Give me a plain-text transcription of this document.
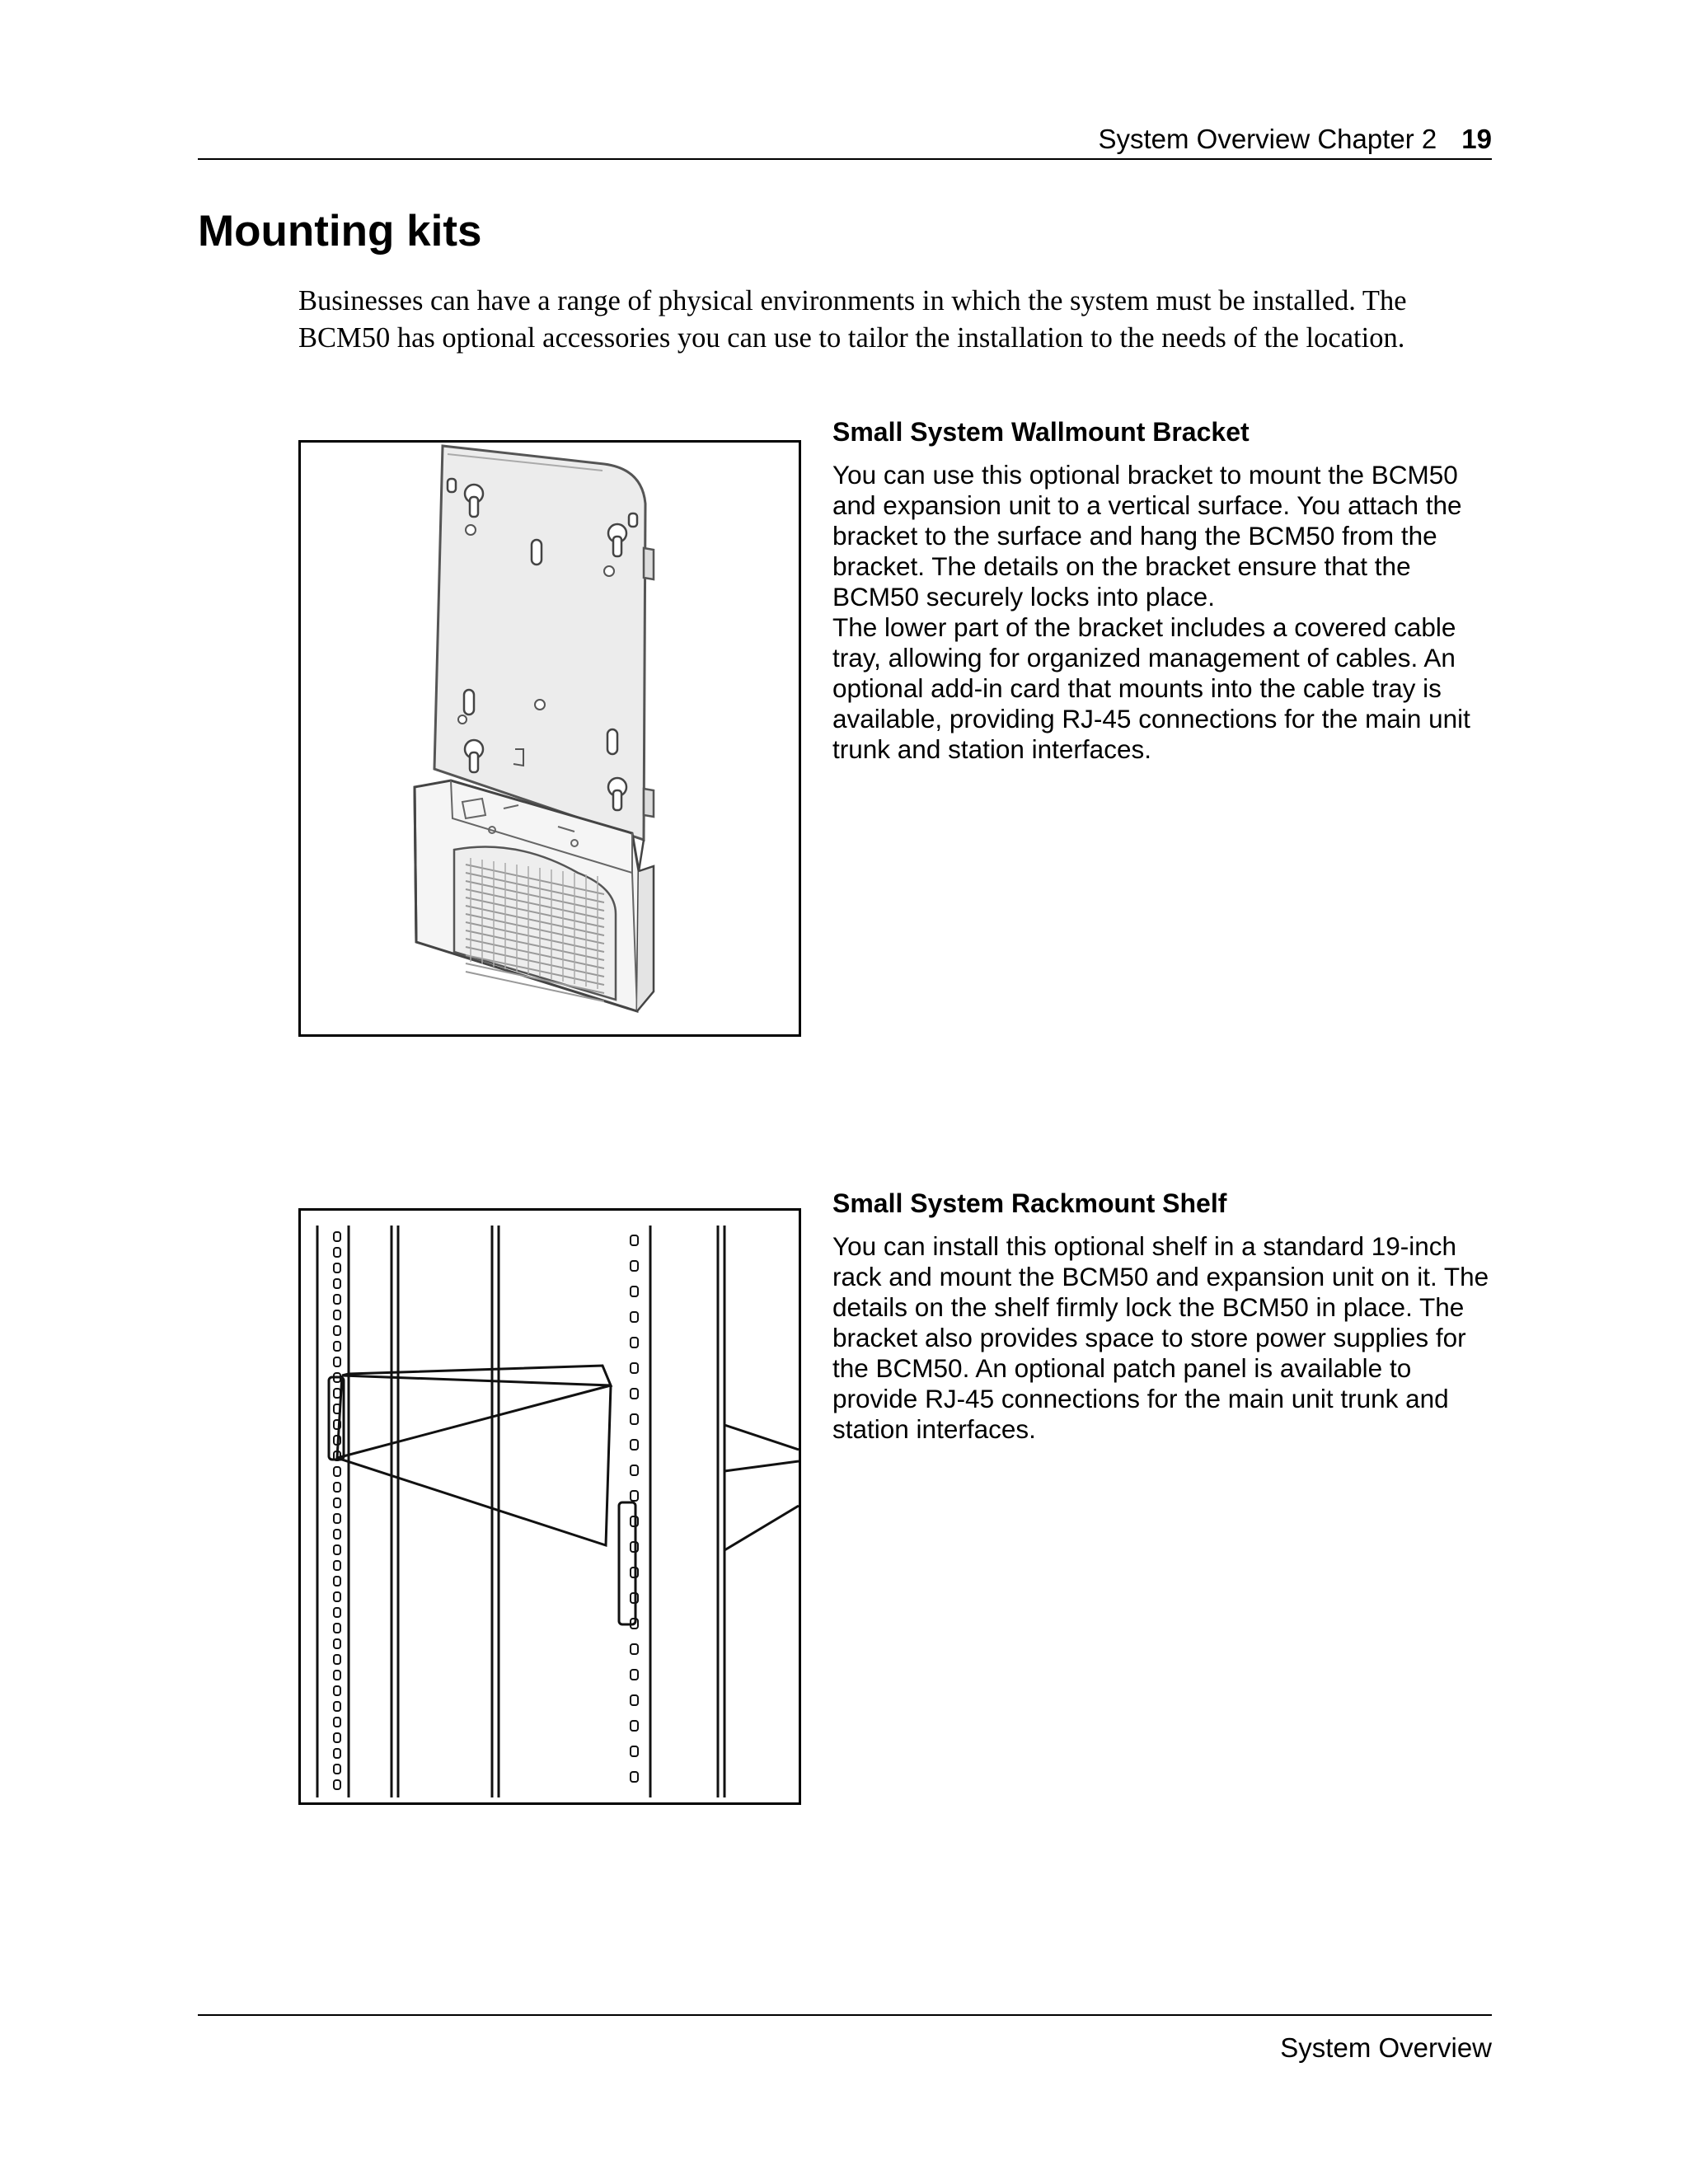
System Overview Chapter 2 19
Mounting kits

Businesses can have a range of physical environments in which the system must be installed. The BCM50 has optional accessories you can use to tailor the installation to the needs of the location.

Small System Wallmount Bracket

You can use this optional bracket to mount the BCM50 and expansion unit to a vertical surface. You attach the bracket to the surface and hang the BCM50 from the bracket. The details on the bracket ensure that the BCM50 securely locks into place.

The lower part of the bracket includes a covered cable tray, allowing for organized management of cables. An optional add-in card that mounts into the cable tray is available, providing RJ-45 connections for the main unit trunk and station interfaces.

Small System Rackmount Shelf

You can install this optional shelf in a standard 19-inch rack and mount the BCM50 and expansion unit on it. The details on the shelf firmly lock the BCM50 in place. The bracket also provides space to store power supplies for the BCM50. An optional patch panel is available to provide RJ-45 connections for the main unit trunk and station interfaces.

System Overview
